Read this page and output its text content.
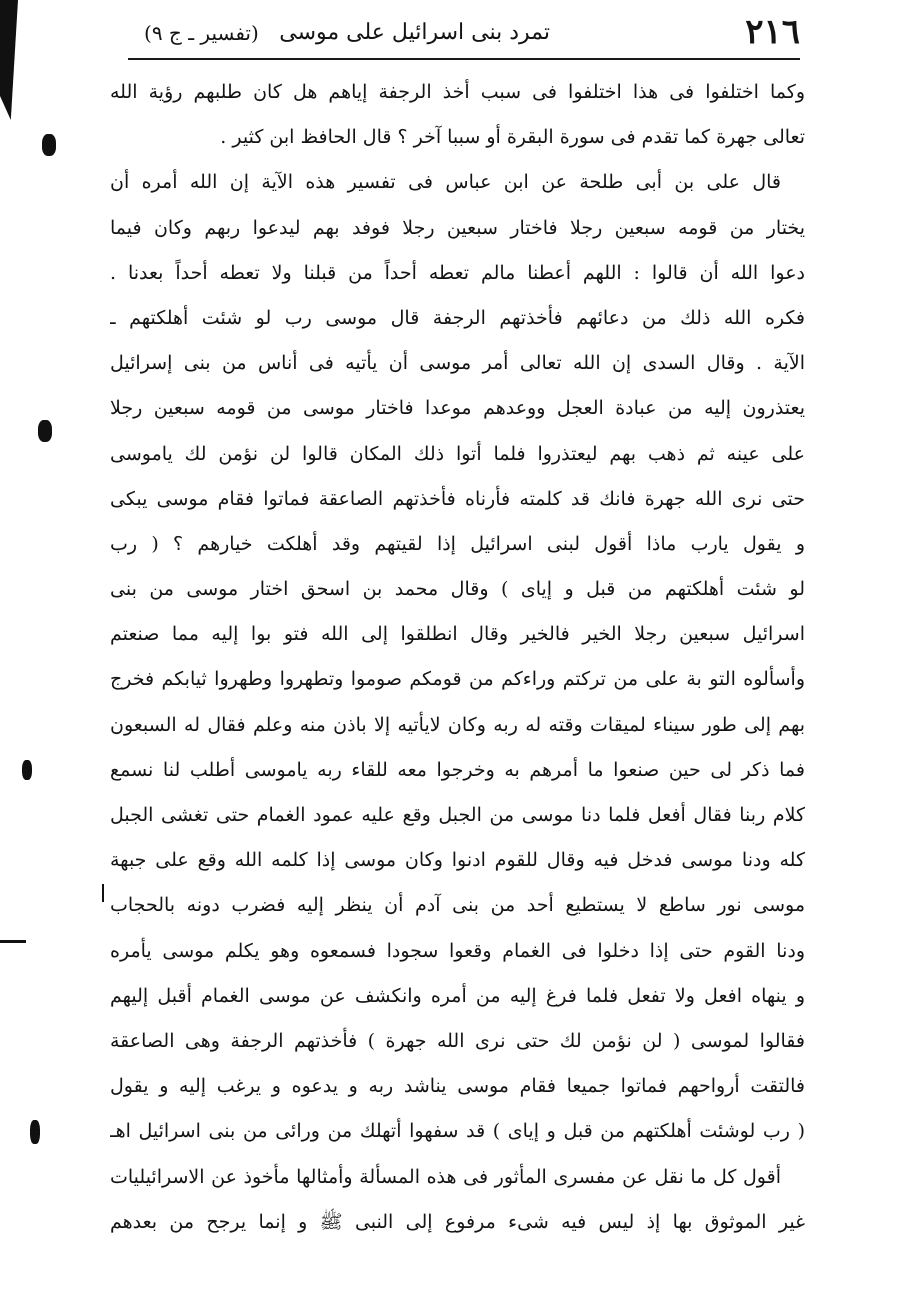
٢١٦
تمرد بنى اسرائيل على موسى
(تفسير ـ ج ٩)
وكما اختلفوا فى هذا اختلفوا فى سبب أخذ الرجفة إياهم هل كان طلبهم رؤية الله
تعالى جهرة كما تقدم فى سورة البقرة أو سببا آخر ؟ قال الحافظ ابن كثير .
قال على بن أبى طلحة عن ابن عباس فى تفسير هذه الآية إن الله أمره أن
يختار من قومه سبعين رجلا فاختار سبعين رجلا فوفد بهم ليدعوا ربهم وكان فيما
دعوا الله أن قالوا : اللهم أعطنا مالم تعطه أحداً من قبلنا ولا تعطه أحداً بعدنا .
فكره الله ذلك من دعائهم فأخذتهم الرجفة قال موسى رب لو شئت أهلكتهم ـ
الآية . وقال السدى إن الله تعالى أمر موسى أن يأتيه فى أناس من بنى إسرائيل
يعتذرون إليه من عبادة العجل ووعدهم موعدا فاختار موسى من قومه سبعين رجلا
على عينه ثم ذهب بهم ليعتذروا فلما أتوا ذلك المكان قالوا لن نؤمن لك ياموسى
حتى نرى الله جهرة فانك قد كلمته فأرناه فأخذتهم الصاعقة فماتوا فقام موسى يبكى
و يقول يارب ماذا أقول لبنى اسرائيل إذا لقيتهم وقد أهلكت خيارهم ؟ ( رب
لو شئت أهلكتهم من قبل و إياى ) وقال محمد بن اسحق اختار موسى من بنى
اسرائيل سبعين رجلا الخير فالخير وقال انطلقوا إلى الله فتو بوا إليه مما صنعتم
وأسألوه التو بة على من تركتم وراءكم من قومكم صوموا وتطهروا وطهروا ثيابكم فخرج
بهم إلى طور سيناء لميقات وقته له ربه وكان لايأتيه إلا باذن منه وعلم فقال له السبعون
فما ذكر لى حين صنعوا ما أمرهم به وخرجوا معه للقاء ربه ياموسى أطلب لنا نسمع
كلام ربنا فقال أفعل فلما دنا موسى من الجبل وقع عليه عمود الغمام حتى تغشى الجبل
كله ودنا موسى فدخل فيه وقال للقوم ادنوا وكان موسى إذا كلمه الله وقع على جبهة
موسى نور ساطع لا يستطيع أحد من بنى آدم أن ينظر إليه فضرب دونه بالحجاب
ودنا القوم حتى إذا دخلوا فى الغمام وقعوا سجودا فسمعوه وهو يكلم موسى يأمره
و ينهاه افعل ولا تفعل فلما فرغ إليه من أمره وانكشف عن موسى الغمام أقبل إليهم
فقالوا لموسى ( لن نؤمن لك حتى نرى الله جهرة ) فأخذتهم الرجفة وهى الصاعقة
فالتقت أرواحهم فماتوا جميعا فقام موسى يناشد ربه و يدعوه و يرغب إليه و يقول
( رب لوشئت أهلكتهم من قبل و إياى ) قد سفهوا أتهلك من ورائى من بنى اسرائيل اهـ
أقول كل ما نقل عن مفسرى المأثور فى هذه المسألة وأمثالها مأخوذ عن الاسرائيليات
غير الموثوق بها إذ ليس فيه شىء مرفوع إلى النبى ﷺ و إنما يرجح من بعدهم
